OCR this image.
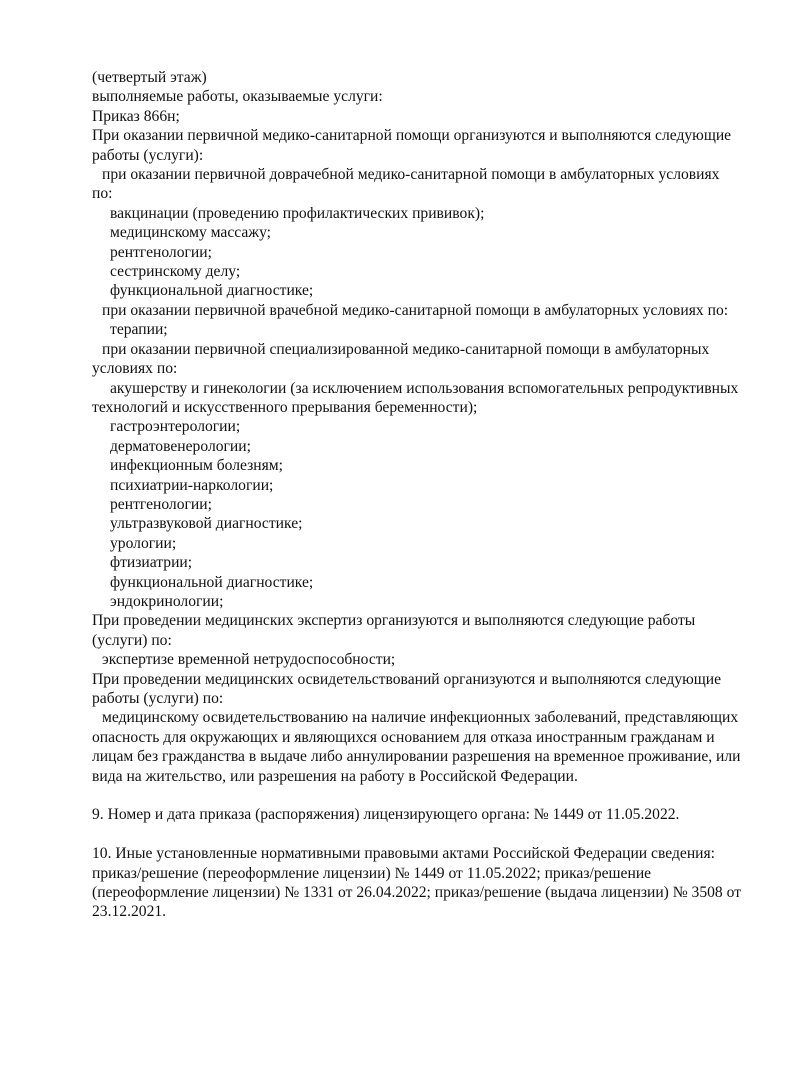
(четвертый этаж)
выполняемые работы, оказываемые услуги:
Приказ 866н;
При оказании первичной медико-санитарной помощи организуются и выполняются следующие
работы (услуги):
при оказании первичной доврачебной медико-санитарной помощи в амбулаторных условиях
по:
вакцинации (проведению профилактических прививок);
медицинскому массажу;
рентгенологии;
сестринскому делу;
функциональной диагностике;
при оказании первичной врачебной медико-санитарной помощи в амбулаторных условиях по:
терапии;
при оказании первичной специализированной медико-санитарной помощи в амбулаторных
условиях по:
акушерству и гинекологии (за исключением использования вспомогательных репродуктивных
технологий и искусственного прерывания беременности);
гастроэнтерологии;
дерматовенерологии;
инфекционным болезням;
психиатрии-наркологии;
рентгенологии;
ультразвуковой диагностике;
урологии;
фтизиатрии;
функциональной диагностике;
эндокринологии;
При проведении медицинских экспертиз организуются и выполняются следующие работы
(услуги) по:
экспертизе временной нетрудоспособности;
При проведении медицинских освидетельствований организуются и выполняются следующие
работы (услуги) по:
медицинскому освидетельствованию на наличие инфекционных заболеваний, представляющих
опасность для окружающих и являющихся основанием для отказа иностранным гражданам и
лицам без гражданства в выдаче либо аннулировании разрешения на временное проживание, или
вида на жительство, или разрешения на работу в Российской Федерации.
9. Номер и дата приказа (распоряжения) лицензирующего органа: № 1449 от 11.05.2022.
10. Иные установленные нормативными правовыми актами Российской Федерации сведения:
приказ/решение (переоформление лицензии) № 1449 от 11.05.2022; приказ/решение
(переоформление лицензии) № 1331 от 26.04.2022; приказ/решение (выдача лицензии) № 3508 от
23.12.2021.
